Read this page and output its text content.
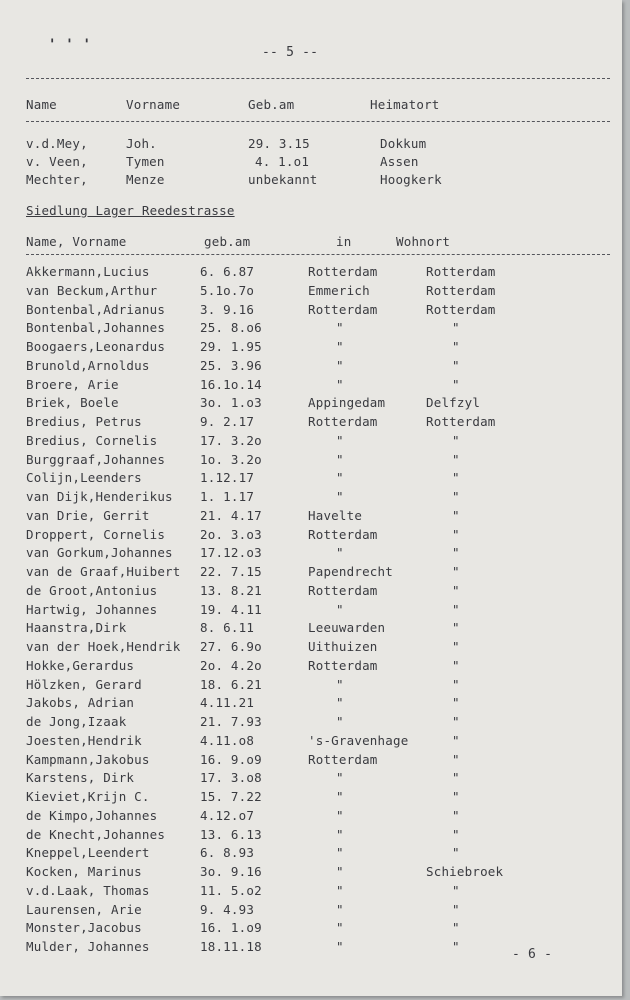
' ' '	-- 5 --
Name	Vorname	Geb.am	Heimatort
v.d.Mey,	Joh.	29. 3.15	Dokkum
v. Veen,	Tymen	4. 1.o1	Assen
Mechter,	Menze	unbekannt	Hoogkerk
Siedlung Lager Reedestrasse
Name, Vorname	geb.am	in	Wohnort
Akkermann,Lucius	6. 6.87	Rotterdam	Rotterdam
van Beckum,Arthur	5.1o.7o	Emmerich	Rotterdam
Bontenbal,Adrianus	3. 9.16	Rotterdam	Rotterdam
Bontenbal,Johannes	25. 8.o6	"	"
Boogaers,Leonardus	29. 1.95	"	"
Brunold,Arnoldus	25. 3.96	"	"
Broere, Arie	16.1o.14	"	"
Briek, Boele	3o. 1.o3	Appingedam	Delfzyl
Bredius, Petrus	9. 2.17	Rotterdam	Rotterdam
Bredius, Cornelis	17. 3.2o	"	"
Burggraaf,Johannes	1o. 3.2o	"	"
Colijn,Leenders	1.12.17	"	"
van Dijk,Henderikus 1. 1.17	"	"
van Drie, Gerrit	21. 4.17	Havelte	"
Droppert, Cornelis	2o. 3.o3	Rotterdam	"
van Gorkum,Johannes 17.12.o3	"	"
van de Graaf,Huibert 22. 7.15	Papendrecht	"
de Groot,Antonius	13. 8.21	Rotterdam	"
Hartwig, Johannes	19. 4.11	"	"
Haanstra,Dirk	8. 6.11	Leeuwarden	"
van der Hoek,Hendrik 27. 6.9o	Uithuizen	"
Hokke,Gerardus	2o. 4.2o	Rotterdam	"
Hölzken, Gerard	18. 6.21	"	"
Jakobs, Adrian	4.11.21	"	"
de Jong,Izaak	21. 7.93	"	"
Joesten,Hendrik	4.11.o8	's-Gravenhage	"
Kampmann,Jakobus	16. 9.o9	Rotterdam	"
Karstens, Dirk	17. 3.o8	"	"
Kieviet,Krijn C.	15. 7.22	"	"
de Kimpo,Johannes	4.12.o7	"	"
de Knecht,Johannes	13. 6.13	"	"
Kneppel,Leendert	6. 8.93	"	"
Kocken, Marinus	3o. 9.16	"	Schiebroek
v.d.Laak, Thomas	11. 5.o2	"	"
Laurensen, Arie	9. 4.93	"	"
Monster,Jacobus	16. 1.o9	"	"
Mulder, Johannes	18.11.18	"	"
- 6 -
